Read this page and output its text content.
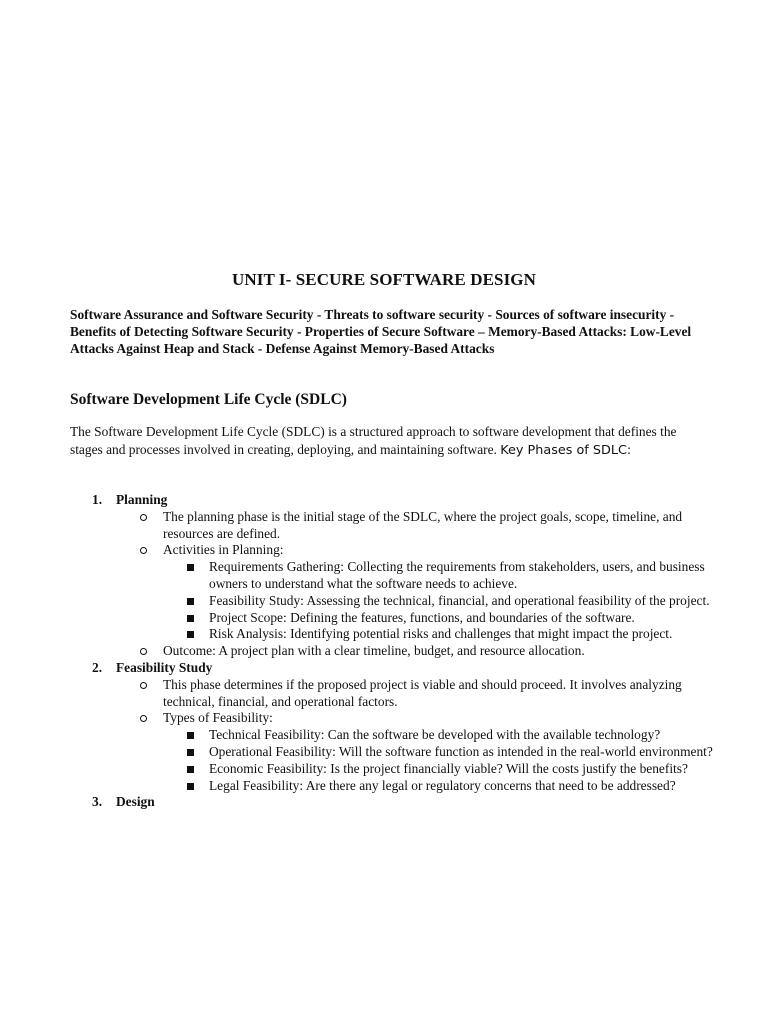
UNIT I- SECURE SOFTWARE DESIGN
Software Assurance and Software Security - Threats to software security - Sources of software insecurity - Benefits of Detecting Software Security - Properties of Secure Software – Memory-Based Attacks: Low-Level Attacks Against Heap and Stack - Defense Against Memory-Based Attacks
Software Development Life Cycle (SDLC)
The Software Development Life Cycle (SDLC) is a structured approach to software development that defines the stages and processes involved in creating, deploying, and maintaining software. Key Phases of SDLC:
1. Planning
The planning phase is the initial stage of the SDLC, where the project goals, scope, timeline, and resources are defined.
Activities in Planning:
Requirements Gathering: Collecting the requirements from stakeholders, users, and business owners to understand what the software needs to achieve.
Feasibility Study: Assessing the technical, financial, and operational feasibility of the project.
Project Scope: Defining the features, functions, and boundaries of the software.
Risk Analysis: Identifying potential risks and challenges that might impact the project.
Outcome: A project plan with a clear timeline, budget, and resource allocation.
2. Feasibility Study
This phase determines if the proposed project is viable and should proceed. It involves analyzing technical, financial, and operational factors.
Types of Feasibility:
Technical Feasibility: Can the software be developed with the available technology?
Operational Feasibility: Will the software function as intended in the real-world environment?
Economic Feasibility: Is the project financially viable? Will the costs justify the benefits?
Legal Feasibility: Are there any legal or regulatory concerns that need to be addressed?
3. Design
